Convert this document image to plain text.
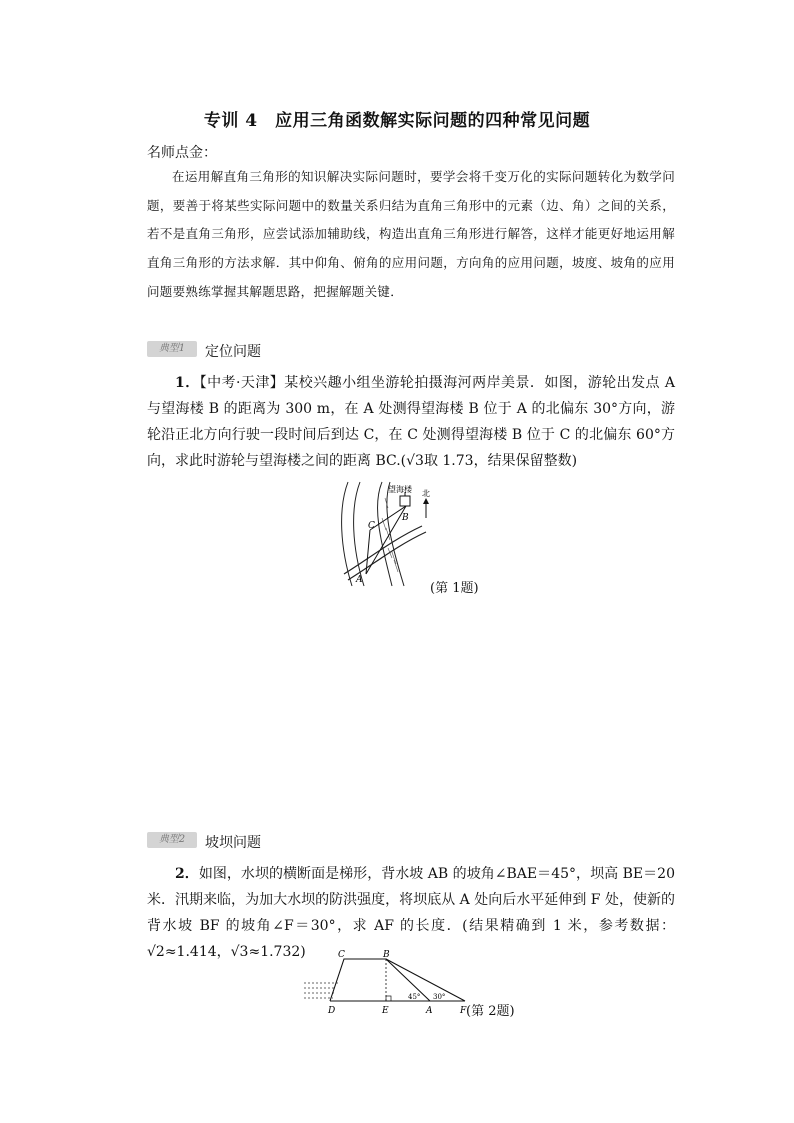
专训 4　应用三角函数解实际问题的四种常见问题
名师点金：
在运用解直角三角形的知识解决实际问题时，要学会将千变万化的实际问题转化为数学问题，要善于将某些实际问题中的数量关系归结为直角三角形中的元素（边、角）之间的关系，若不是直角三角形，应尝试添加辅助线，构造出直角三角形进行解答，这样才能更好地运用解直角三角形的方法求解．其中仰角、俯角的应用问题，方向角的应用问题，坡度、坡角的应用问题要熟练掌握其解题思路，把握解题关键．
典型1	定位问题
1．【中考·天津】某校兴趣小组坐游轮拍摄海河两岸美景．如图，游轮出发点 A 与望海楼 B 的距离为 300 m，在 A 处测得望海楼 B 位于 A 的北偏东 30°方向，游轮沿正北方向行驶一段时间后到达 C，在 C 处测得望海楼 B 位于 C 的北偏东 60°方向，求此时游轮与望海楼之间的距离 BC.(√3取 1.73，结果保留整数)
望海楼 北
B
C
A
(第 1题)
典型2	坡坝问题
2．如图，水坝的横断面是梯形，背水坡 AB 的坡角∠BAE＝45°，坝高 BE＝20 米．汛期来临，为加大水坝的防洪强度，将坝底从 A 处向后水平延伸到 F 处，使新的背水坡 BF 的坡角∠F＝30°，求 AF 的长度．(结果精确到 1 米，参考数据：√2≈1.414，√3≈1.732)	C	B
D	E	A	F
45° 30°
(第 2题)
